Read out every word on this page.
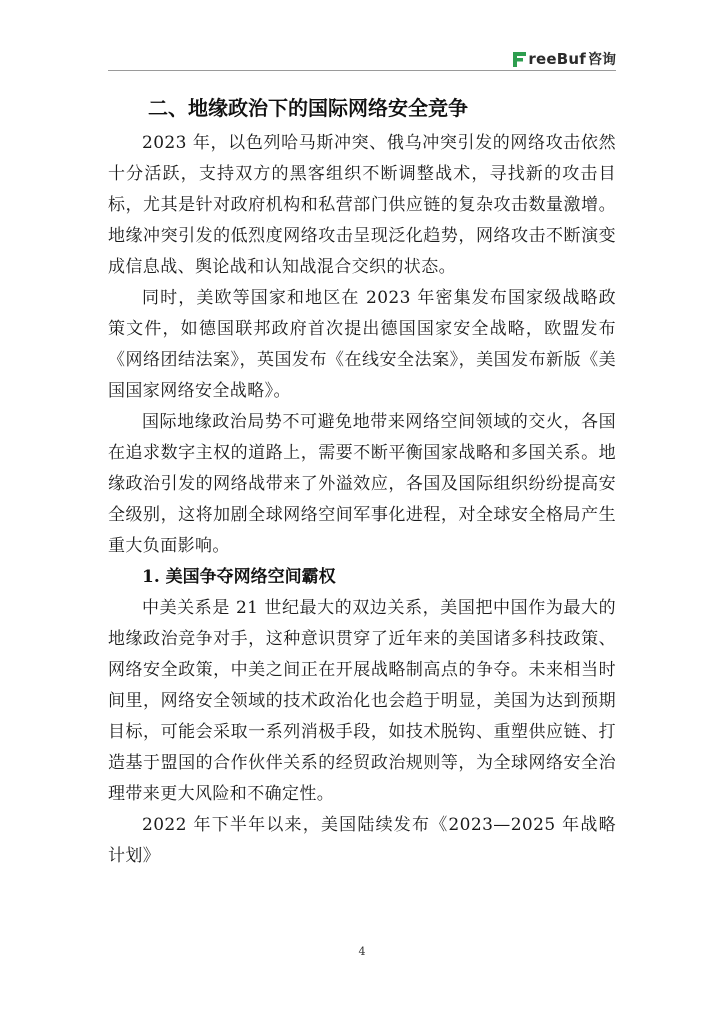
reeBuf 咨询
二、地缘政治下的国际网络安全竞争

2023 年，以色列哈马斯冲突、俄乌冲突引发的网络攻击依然十分活跃，支持双方的黑客组织不断调整战术，寻找新的攻击目标，尤其是针对政府机构和私营部门供应链的复杂攻击数量激增。地缘冲突引发的低烈度网络攻击呈现泛化趋势，网络攻击不断演变成信息战、舆论战和认知战混合交织的状态。

同时，美欧等国家和地区在 2023 年密集发布国家级战略政策文件，如德国联邦政府首次提出德国国家安全战略，欧盟发布《网络团结法案》，英国发布《在线安全法案》，美国发布新版《美国国家网络安全战略》。

国际地缘政治局势不可避免地带来网络空间领域的交火，各国在追求数字主权的道路上，需要不断平衡国家战略和多国关系。地缘政治引发的网络战带来了外溢效应，各国及国际组织纷纷提高安全级别，这将加剧全球网络空间军事化进程，对全球安全格局产生重大负面影响。

1. 美国争夺网络空间霸权

中美关系是 21 世纪最大的双边关系，美国把中国作为最大的地缘政治竞争对手，这种意识贯穿了近年来的美国诸多科技政策、网络安全政策，中美之间正在开展战略制高点的争夺。未来相当时间里，网络安全领域的技术政治化也会趋于明显，美国为达到预期目标，可能会采取一系列消极手段，如技术脱钩、重塑供应链、打造基于盟国的合作伙伴关系的经贸政治规则等，为全球网络安全治理带来更大风险和不确定性。

2022 年下半年以来，美国陆续发布《2023—2025 年战略计划》

4
